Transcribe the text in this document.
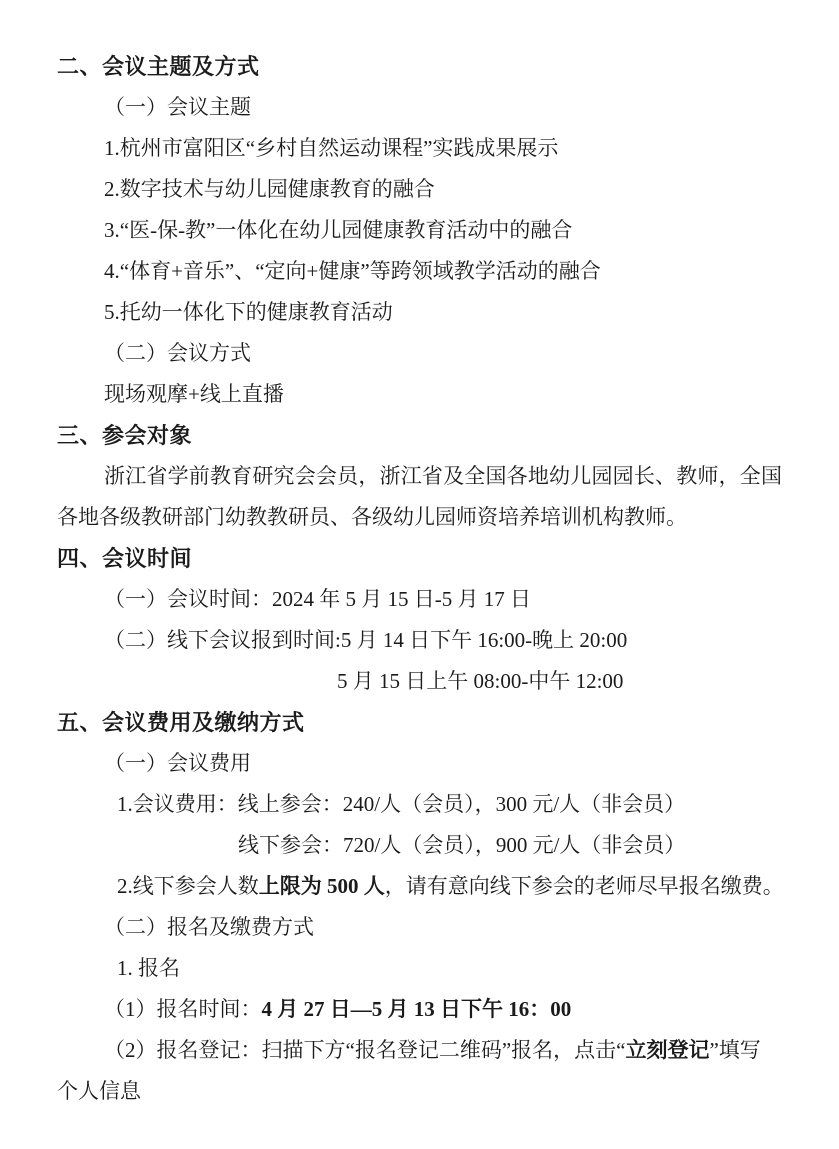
二、会议主题及方式
（一）会议主题
1.杭州市富阳区“乡村自然运动课程”实践成果展示
2.数字技术与幼儿园健康教育的融合
3.“医-保-教”一体化在幼儿园健康教育活动中的融合
4.“体育+音乐”、“定向+健康”等跨领域教学活动的融合
5.托幼一体化下的健康教育活动
（二）会议方式
现场观摩+线上直播
三、参会对象
浙江省学前教育研究会会员，浙江省及全国各地幼儿园园长、教师，全国
各地各级教研部门幼教教研员、各级幼儿园师资培养培训机构教师。
四、会议时间
（一）会议时间：2024 年 5 月 15 日-5 月 17 日
（二）线下会议报到时间:5 月 14 日下午 16:00-晚上 20:00
5 月 15 日上午 08:00-中午 12:00
五、会议费用及缴纳方式
（一）会议费用
1.会议费用：线上参会：240/人（会员），300 元/人（非会员）
线下参会：720/人（会员），900 元/人（非会员）
2.线下参会人数上限为 500 人，请有意向线下参会的老师尽早报名缴费。
（二）报名及缴费方式
1. 报名
（1）报名时间：4 月 27 日—5 月 13 日下午 16：00
（2）报名登记：扫描下方“报名登记二维码”报名，点击“立刻登记”填写
个人信息
